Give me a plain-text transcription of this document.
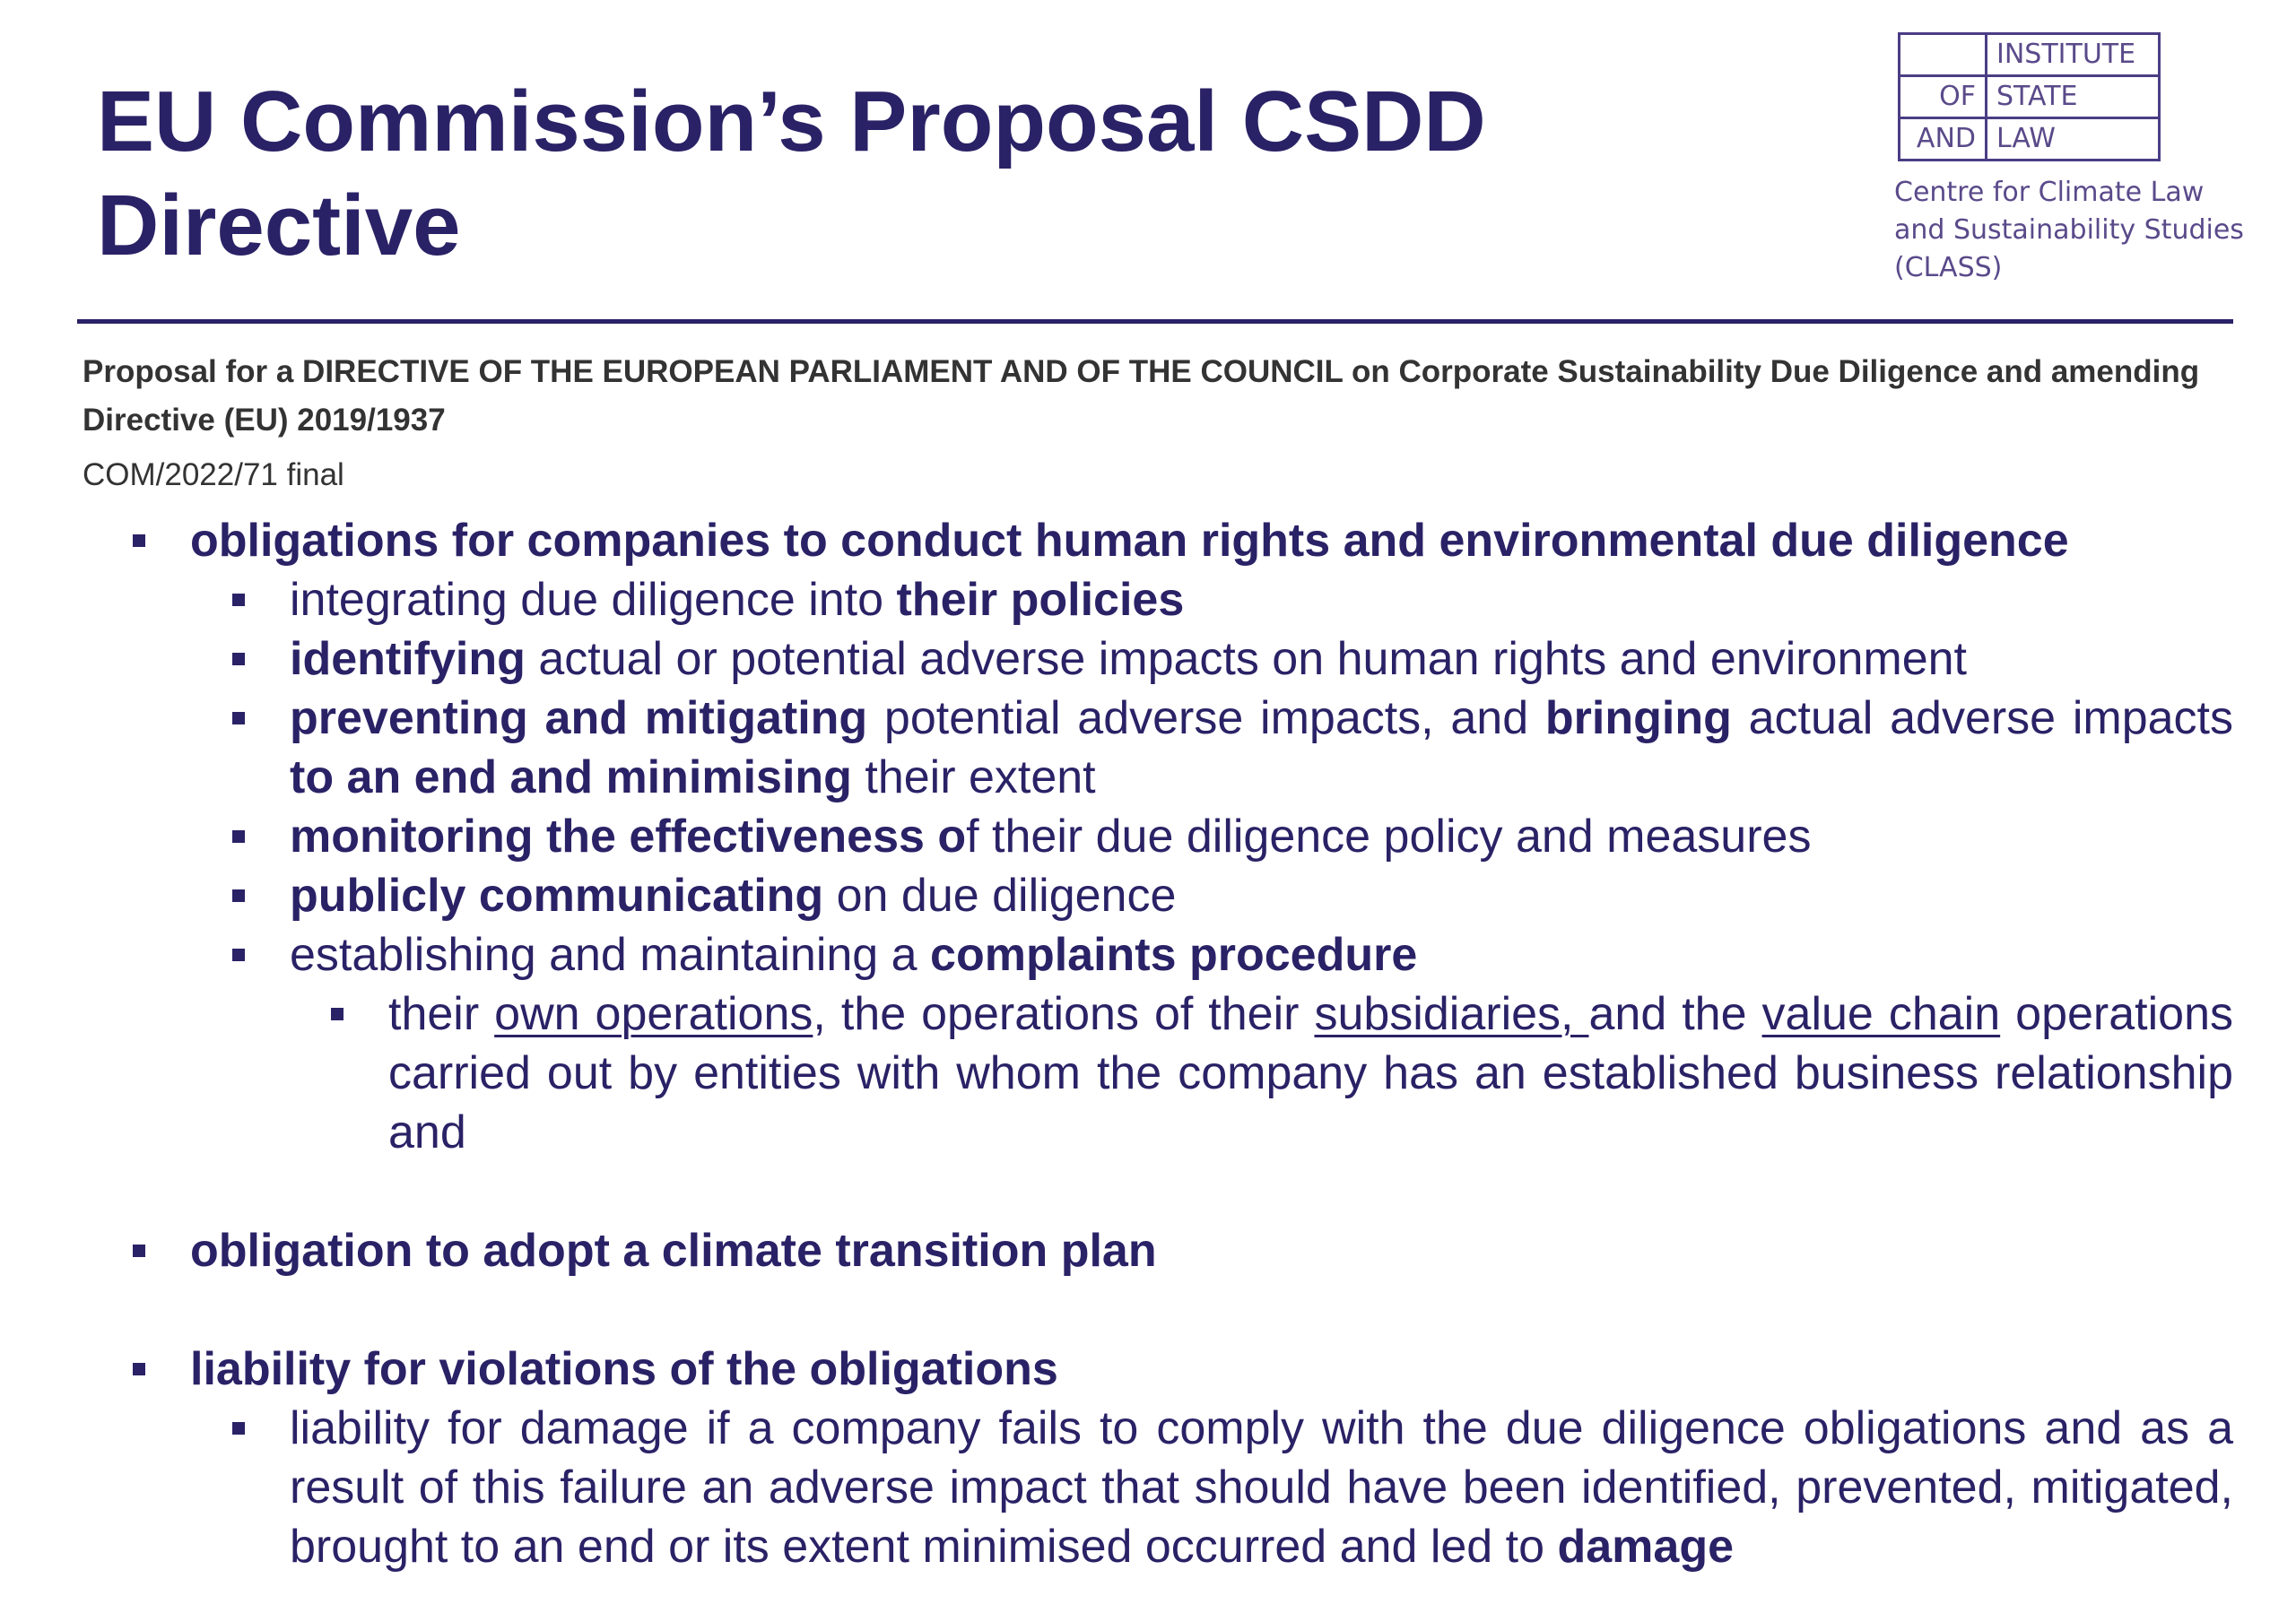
EU Commission’s Proposal CSDD
Directive
	INSTITUTE
OF	STATE
AND	LAW
Centre for Climate Law
and Sustainability Studies
(CLASS)
Proposal for a DIRECTIVE OF THE EUROPEAN PARLIAMENT AND OF THE COUNCIL on Corporate Sustainability Due Diligence and amending Directive (EU) 2019/1937
COM/2022/71 final
obligations for companies to conduct human rights and environmental due diligence
integrating due diligence into their policies
identifying actual or potential adverse impacts on human rights and environment
preventing and mitigating potential adverse impacts, and bringing actual adverse impacts to an end and minimising their extent
monitoring the effectiveness of their due diligence policy and measures
publicly communicating on due diligence
establishing and maintaining a complaints procedure
their own operations, the operations of their subsidiaries, and the value chain operations carried out by entities with whom the company has an established business relationship and
obligation to adopt a climate transition plan
liability for violations of the obligations
liability for damage if a company fails to comply with the due diligence obligations and as a result of this failure an adverse impact that should have been identified, prevented, mitigated, brought to an end or its extent minimised occurred and led to damage
